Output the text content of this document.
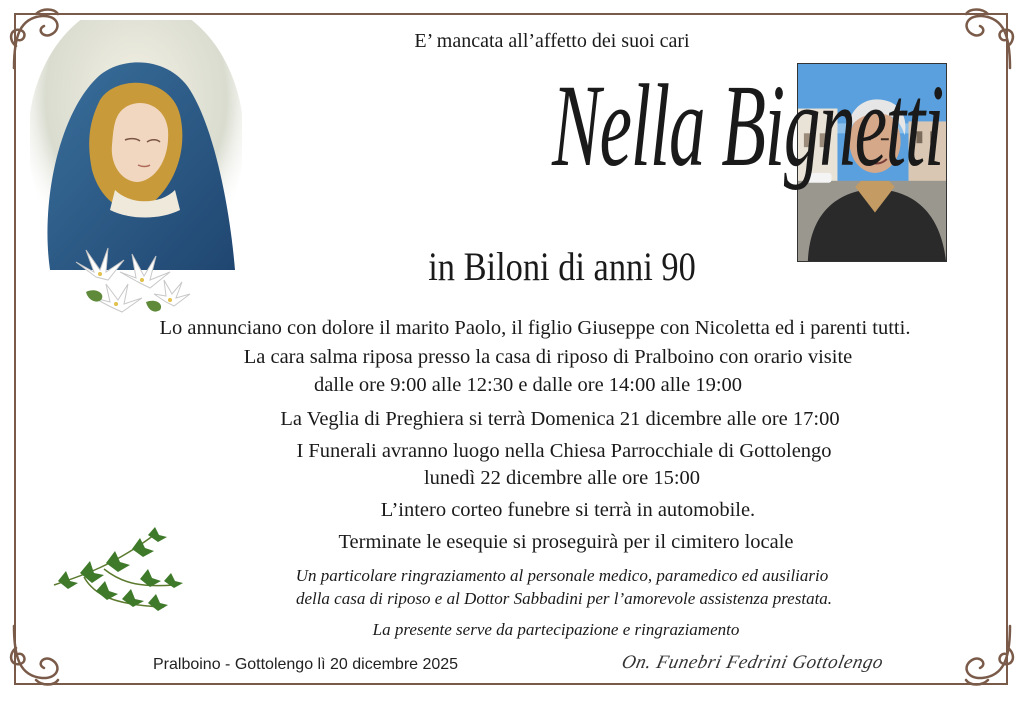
E’ mancata all’affetto dei suoi cari
Nella Bignetti
in Biloni di anni 90
Lo annunciano con dolore il marito Paolo, il figlio Giuseppe con Nicoletta ed i parenti tutti.
La cara salma riposa presso la casa di riposo di Pralboino con orario visite
dalle ore 9:00 alle 12:30 e dalle ore 14:00 alle 19:00
La Veglia di Preghiera si terrà Domenica 21 dicembre alle ore 17:00
I Funerali avranno luogo nella Chiesa Parrocchiale di Gottolengo
lunedì 22 dicembre alle ore 15:00
L’intero corteo funebre si terrà in automobile.
Terminate le esequie si proseguirà per il cimitero locale
Un particolare ringraziamento al personale medico, paramedico ed ausiliario
della casa di riposo e al Dottor Sabbadini per l’amorevole assistenza prestata.
La presente serve da partecipazione e ringraziamento
Pralboino - Gottolengo lì 20 dicembre 2025	On. Funebri Fedrini Gottolengo
